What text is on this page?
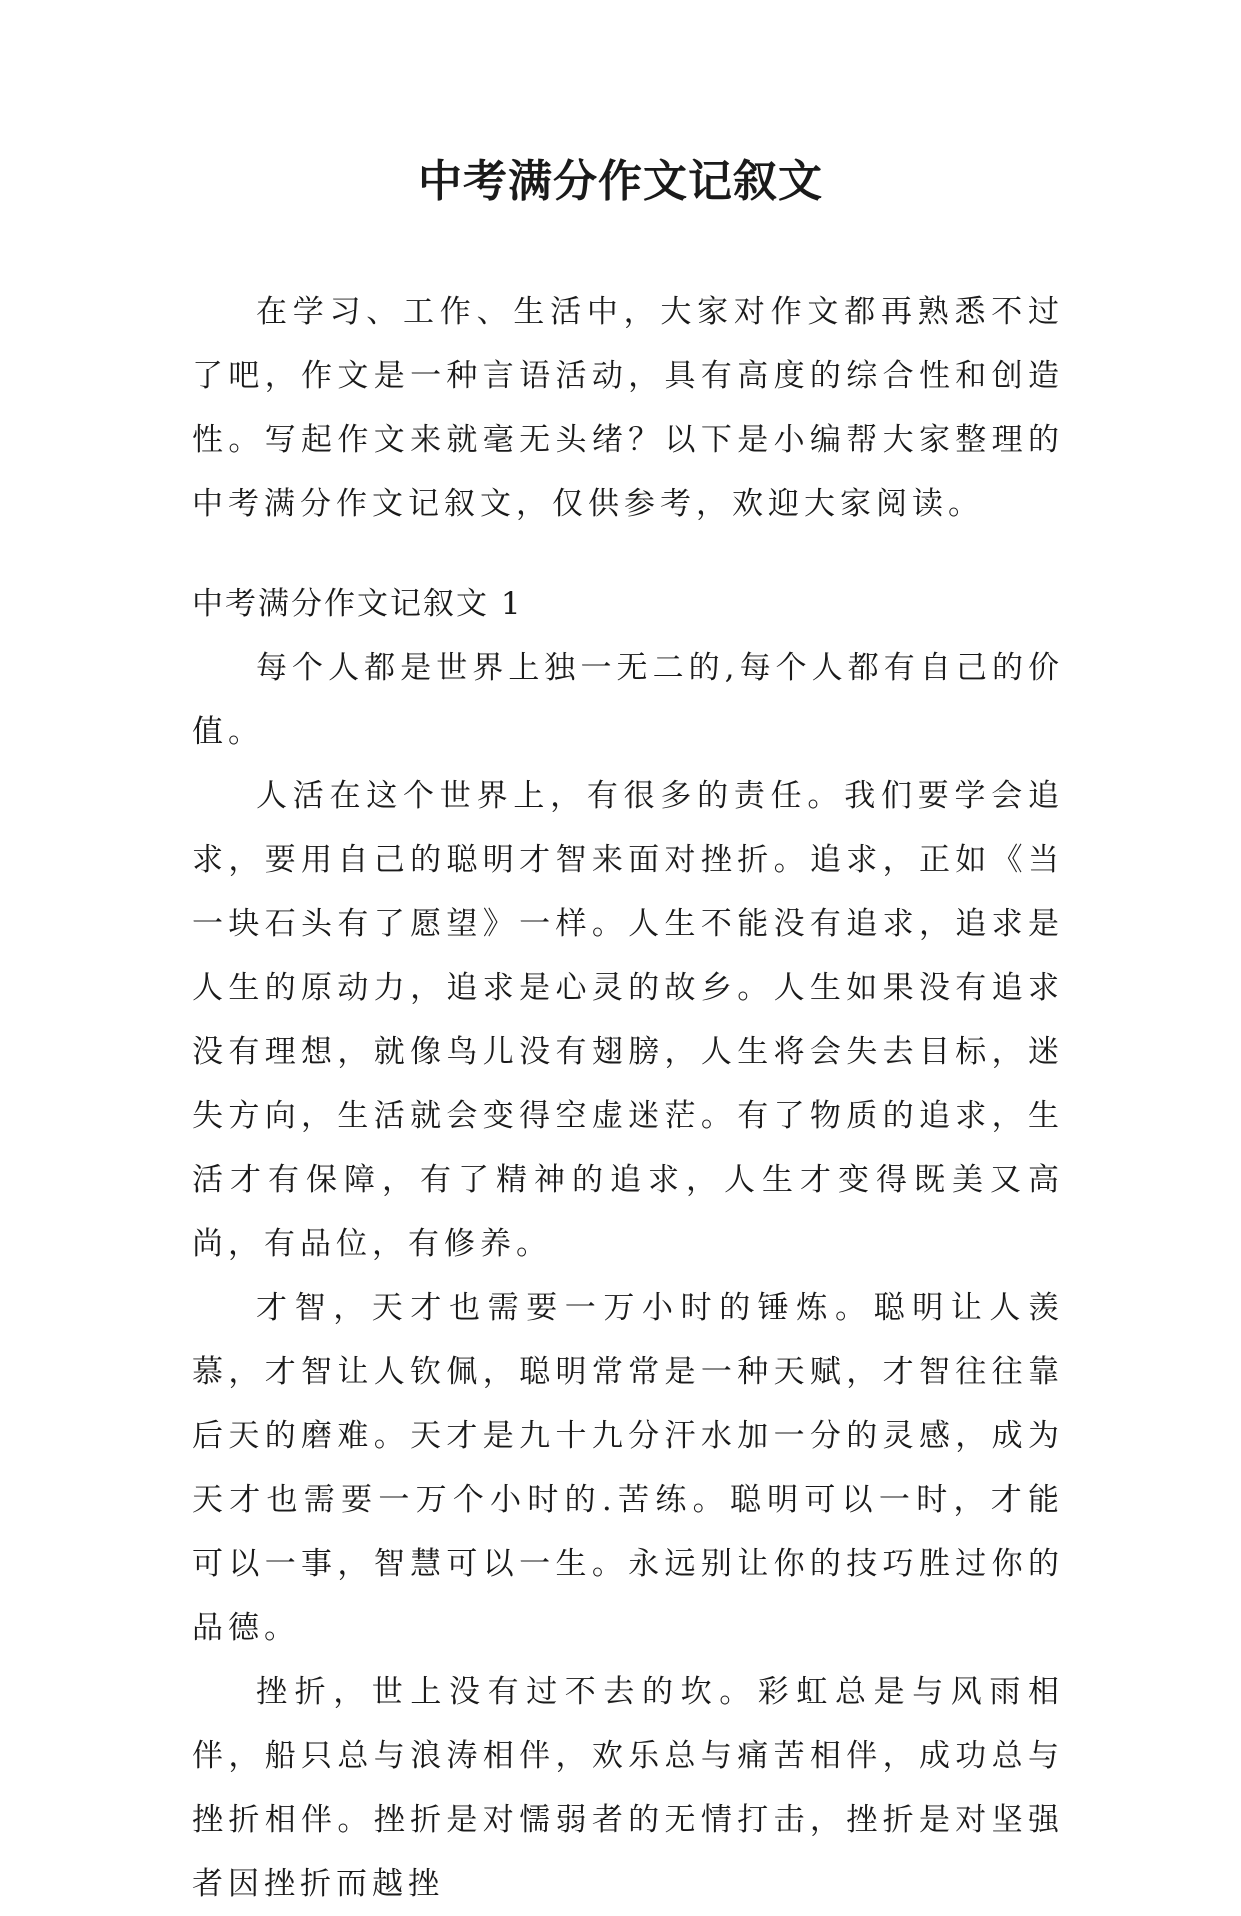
中考满分作文记叙文

在学习、工作、生活中，大家对作文都再熟悉不过了吧，作文是一种言语活动，具有高度的综合性和创造性。写起作文来就毫无头绪？以下是小编帮大家整理的中考满分作文记叙文，仅供参考，欢迎大家阅读。

中考满分作文记叙文 1

每个人都是世界上独一无二的,每个人都有自己的价值。

人活在这个世界上，有很多的责任。我们要学会追求，要用自己的聪明才智来面对挫折。追求，正如《当一块石头有了愿望》一样。人生不能没有追求，追求是人生的原动力，追求是心灵的故乡。人生如果没有追求没有理想，就像鸟儿没有翅膀，人生将会失去目标，迷失方向，生活就会变得空虚迷茫。有了物质的追求，生活才有保障，有了精神的追求，人生才变得既美又高尚，有品位，有修养。

才智，天才也需要一万小时的锤炼。聪明让人羡慕，才智让人钦佩，聪明常常是一种天赋，才智往往靠后天的磨难。天才是九十九分汗水加一分的灵感，成为天才也需要一万个小时的.苦练。聪明可以一时，才能可以一事，智慧可以一生。永远别让你的技巧胜过你的品德。

挫折，世上没有过不去的坎。彩虹总是与风雨相伴，船只总与浪涛相伴，欢乐总与痛苦相伴，成功总与挫折相伴。挫折是对懦弱者的无情打击，挫折是对坚强者因挫折而越挫
